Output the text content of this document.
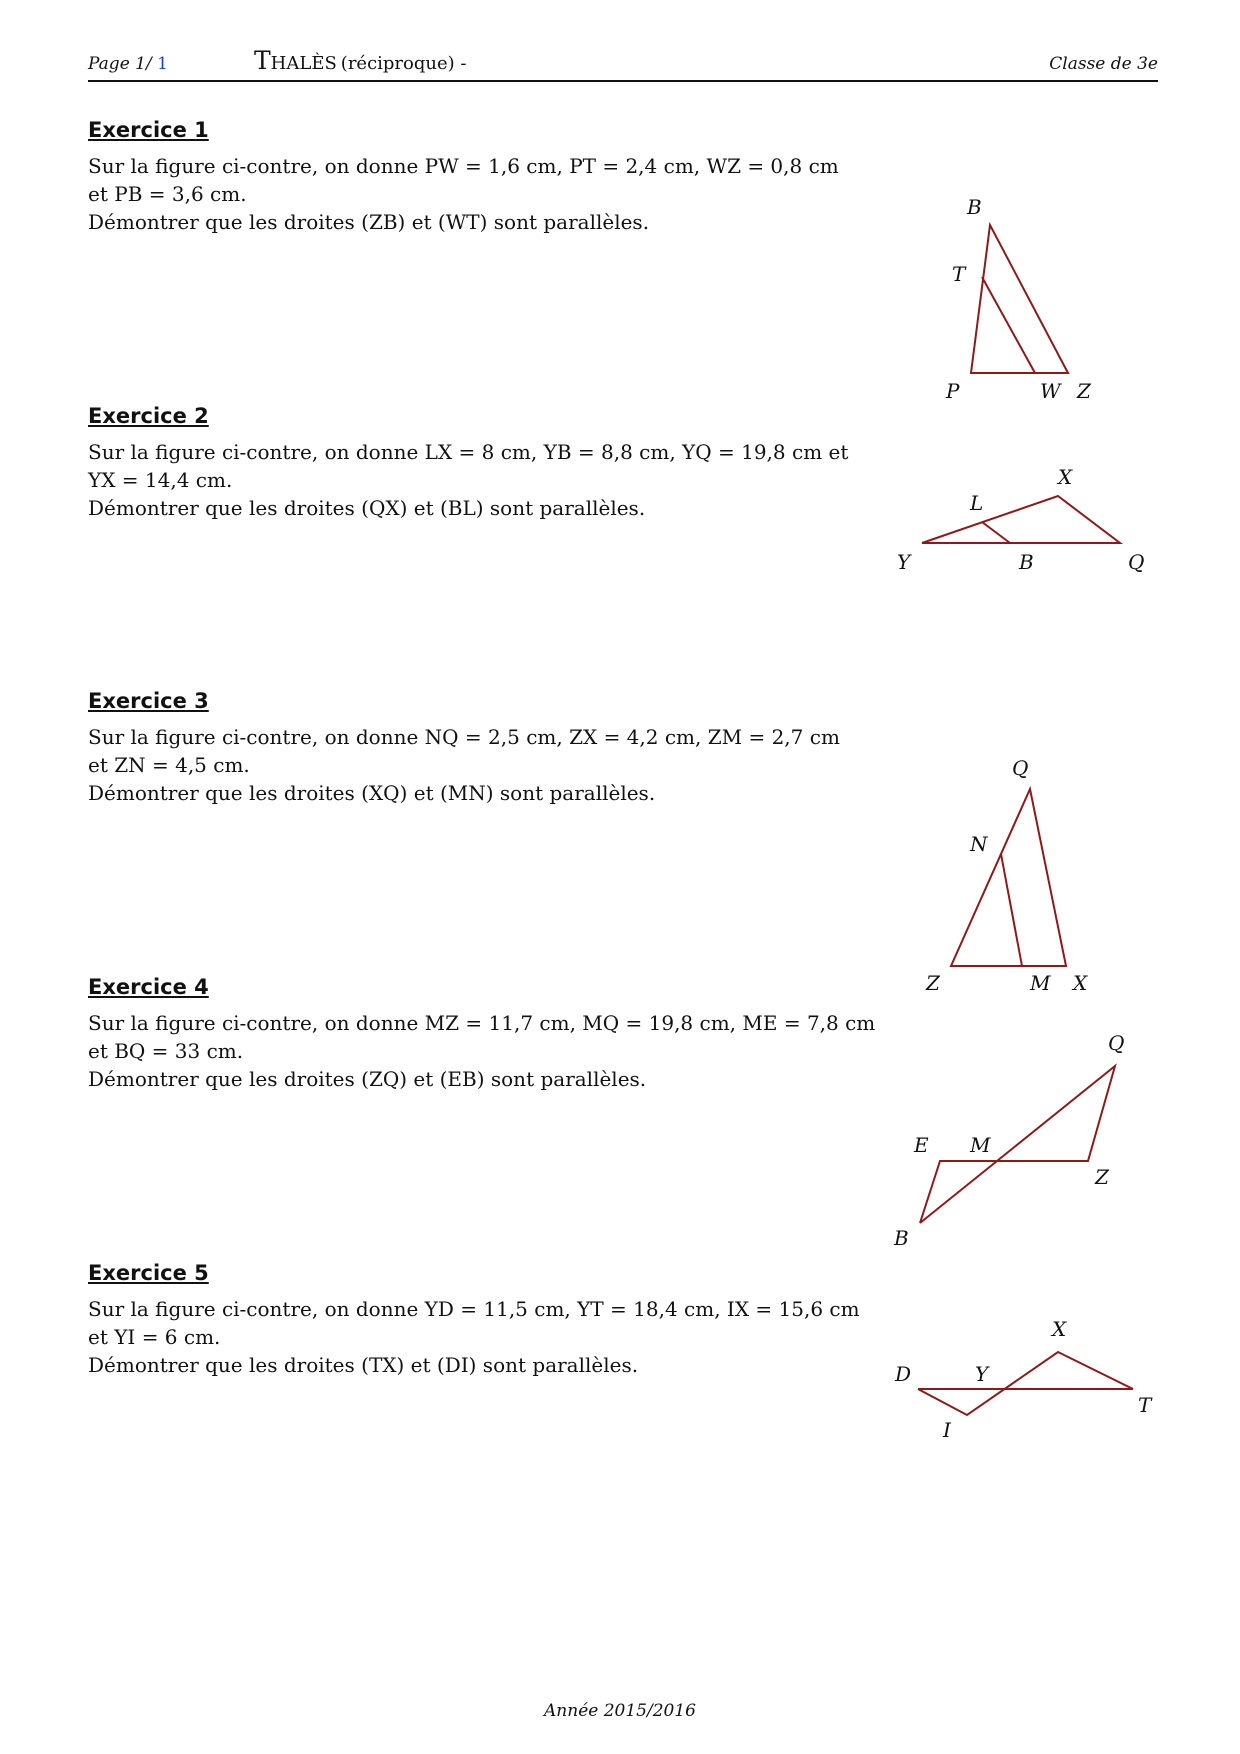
Page 1/ 1	Thalès (réciproque) -	Classe de 3e

Exercice 1

Sur la figure ci-contre, on donne PW = 1,6 cm, PT = 2,4 cm, WZ = 0,8 cm
et PB = 3,6 cm.
Démontrer que les droites (ZB) et (WT) sont parallèles.

B
T
P	W Z

Exercice 2

Sur la figure ci-contre, on donne LX = 8 cm, YB = 8,8 cm, YQ = 19,8 cm et
YX = 14,4 cm.
Démontrer que les droites (QX) et (BL) sont parallèles.

X
L
Y	B	Q

Exercice 3

Sur la figure ci-contre, on donne NQ = 2,5 cm, ZX = 4,2 cm, ZM = 2,7 cm
et ZN = 4,5 cm.
Démontrer que les droites (XQ) et (MN) sont parallèles.

Q
N
Z	M X

Exercice 4

Sur la figure ci-contre, on donne MZ = 11,7 cm, MQ = 19,8 cm, ME = 7,8 cm
et BQ = 33 cm.
Démontrer que les droites (ZQ) et (EB) sont parallèles.

Q
E M
Z
B

Exercice 5

Sur la figure ci-contre, on donne YD = 11,5 cm, YT = 18,4 cm, IX = 15,6 cm
et YI = 6 cm.
Démontrer que les droites (TX) et (DI) sont parallèles.

X
D	Y
T
I
Année 2015/2016
